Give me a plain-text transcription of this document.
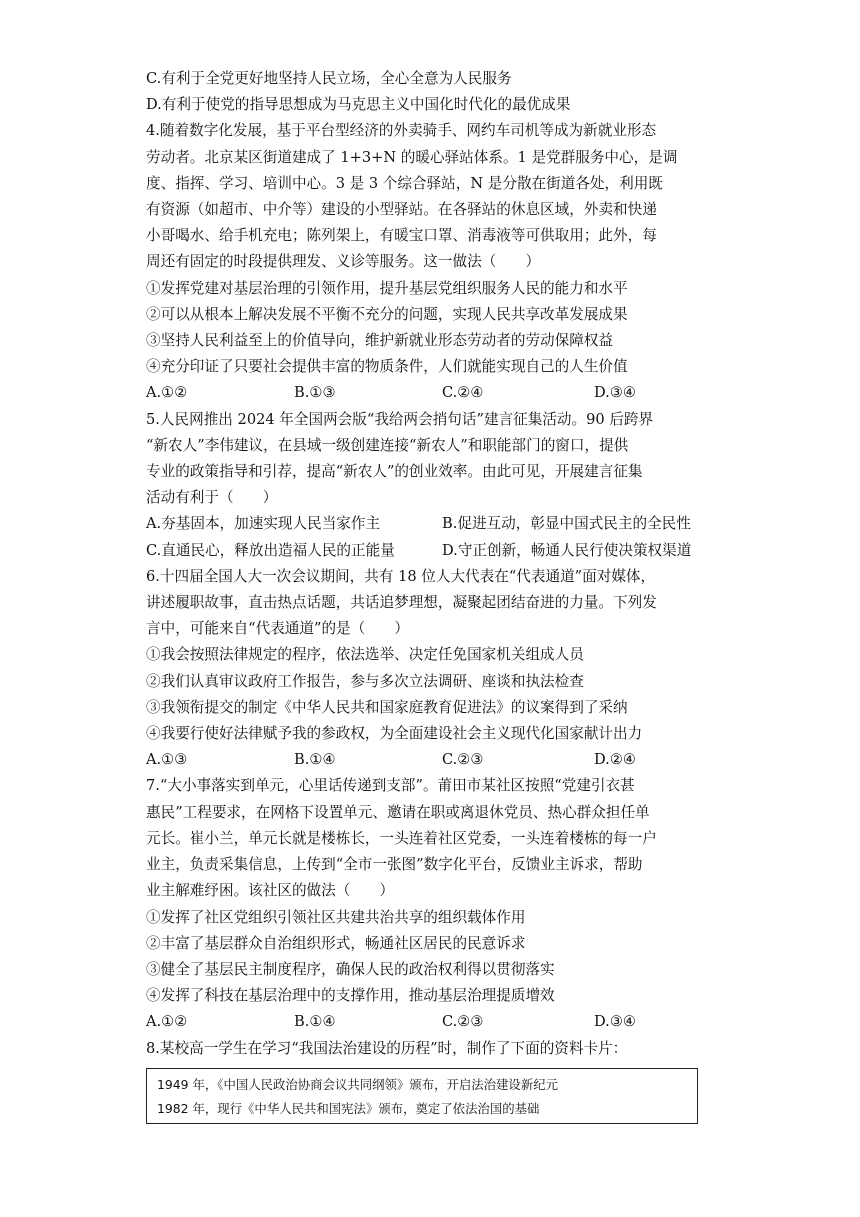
C.有利于全党更好地坚持人民立场，全心全意为人民服务
D.有利于使党的指导思想成为马克思主义中国化时代化的最优成果
4.随着数字化发展，基于平台型经济的外卖骑手、网约车司机等成为新就业形态
劳动者。北京某区街道建成了 1+3+N 的暖心驿站体系。1 是党群服务中心，是调
度、指挥、学习、培训中心。3 是 3 个综合驿站，N 是分散在街道各处，利用既
有资源（如超市、中介等）建设的小型驿站。在各驿站的休息区域，外卖和快递
小哥喝水、给手机充电；陈列架上，有暖宝口罩、消毒液等可供取用；此外，每
周还有固定的时段提供理发、义诊等服务。这一做法（　　）
①发挥党建对基层治理的引领作用，提升基层党组织服务人民的能力和水平
②可以从根本上解决发展不平衡不充分的问题，实现人民共享改革发展成果
③坚持人民利益至上的价值导向，维护新就业形态劳动者的劳动保障权益
④充分印证了只要社会提供丰富的物质条件，人们就能实现自己的人生价值
A.①②	B.①③	C.②④	D.③④
5.人民网推出 2024 年全国两会版“我给两会捎句话”建言征集活动。90 后跨界
“新农人”李伟建议，在县域一级创建连接“新农人”和职能部门的窗口，提供
专业的政策指导和引荐，提高“新农人”的创业效率。由此可见，开展建言征集
活动有利于（　　）
A.夯基固本，加速实现人民当家作主	B.促进互动，彰显中国式民主的全民性
C.直通民心，释放出造福人民的正能量	D.守正创新，畅通人民行使决策权渠道
6.十四届全国人大一次会议期间，共有 18 位人大代表在“代表通道”面对媒体，
讲述履职故事，直击热点话题，共话追梦理想，凝聚起团结奋进的力量。下列发
言中，可能来自“代表通道”的是（　　）
①我会按照法律规定的程序，依法选举、决定任免国家机关组成人员
②我们认真审议政府工作报告，参与多次立法调研、座谈和执法检查
③我领衔提交的制定《中华人民共和国家庭教育促进法》的议案得到了采纳
④我要行使好法律赋予我的参政权，为全面建设社会主义现代化国家献计出力
A.①③	B.①④	C.②③	D.②④
7.“大小事落实到单元，心里话传递到支部”。莆田市某社区按照“党建引衣甚
惠民”工程要求，在网格下设置单元、邀请在职或离退休党员、热心群众担任单
元长。崔小兰，单元长就是楼栋长，一头连着社区党委，一头连着楼栋的每一户
业主，负责采集信息，上传到“全市一张图”数字化平台，反馈业主诉求，帮助
业主解难纾困。该社区的做法（　　）
①发挥了社区党组织引领社区共建共治共享的组织载体作用
②丰富了基层群众自治组织形式，畅通社区居民的民意诉求
③健全了基层民主制度程序，确保人民的政治权利得以贯彻落实
④发挥了科技在基层治理中的支撑作用，推动基层治理提质增效
A.①②	B.①④	C.②③	D.③④
8.某校高一学生在学习“我国法治建设的历程”时，制作了下面的资料卡片：
1949 年，《中国人民政治协商会议共同纲领》颁布，开启法治建设新纪元
1982 年，现行《中华人民共和国宪法》颁布，奠定了依法治国的基础
